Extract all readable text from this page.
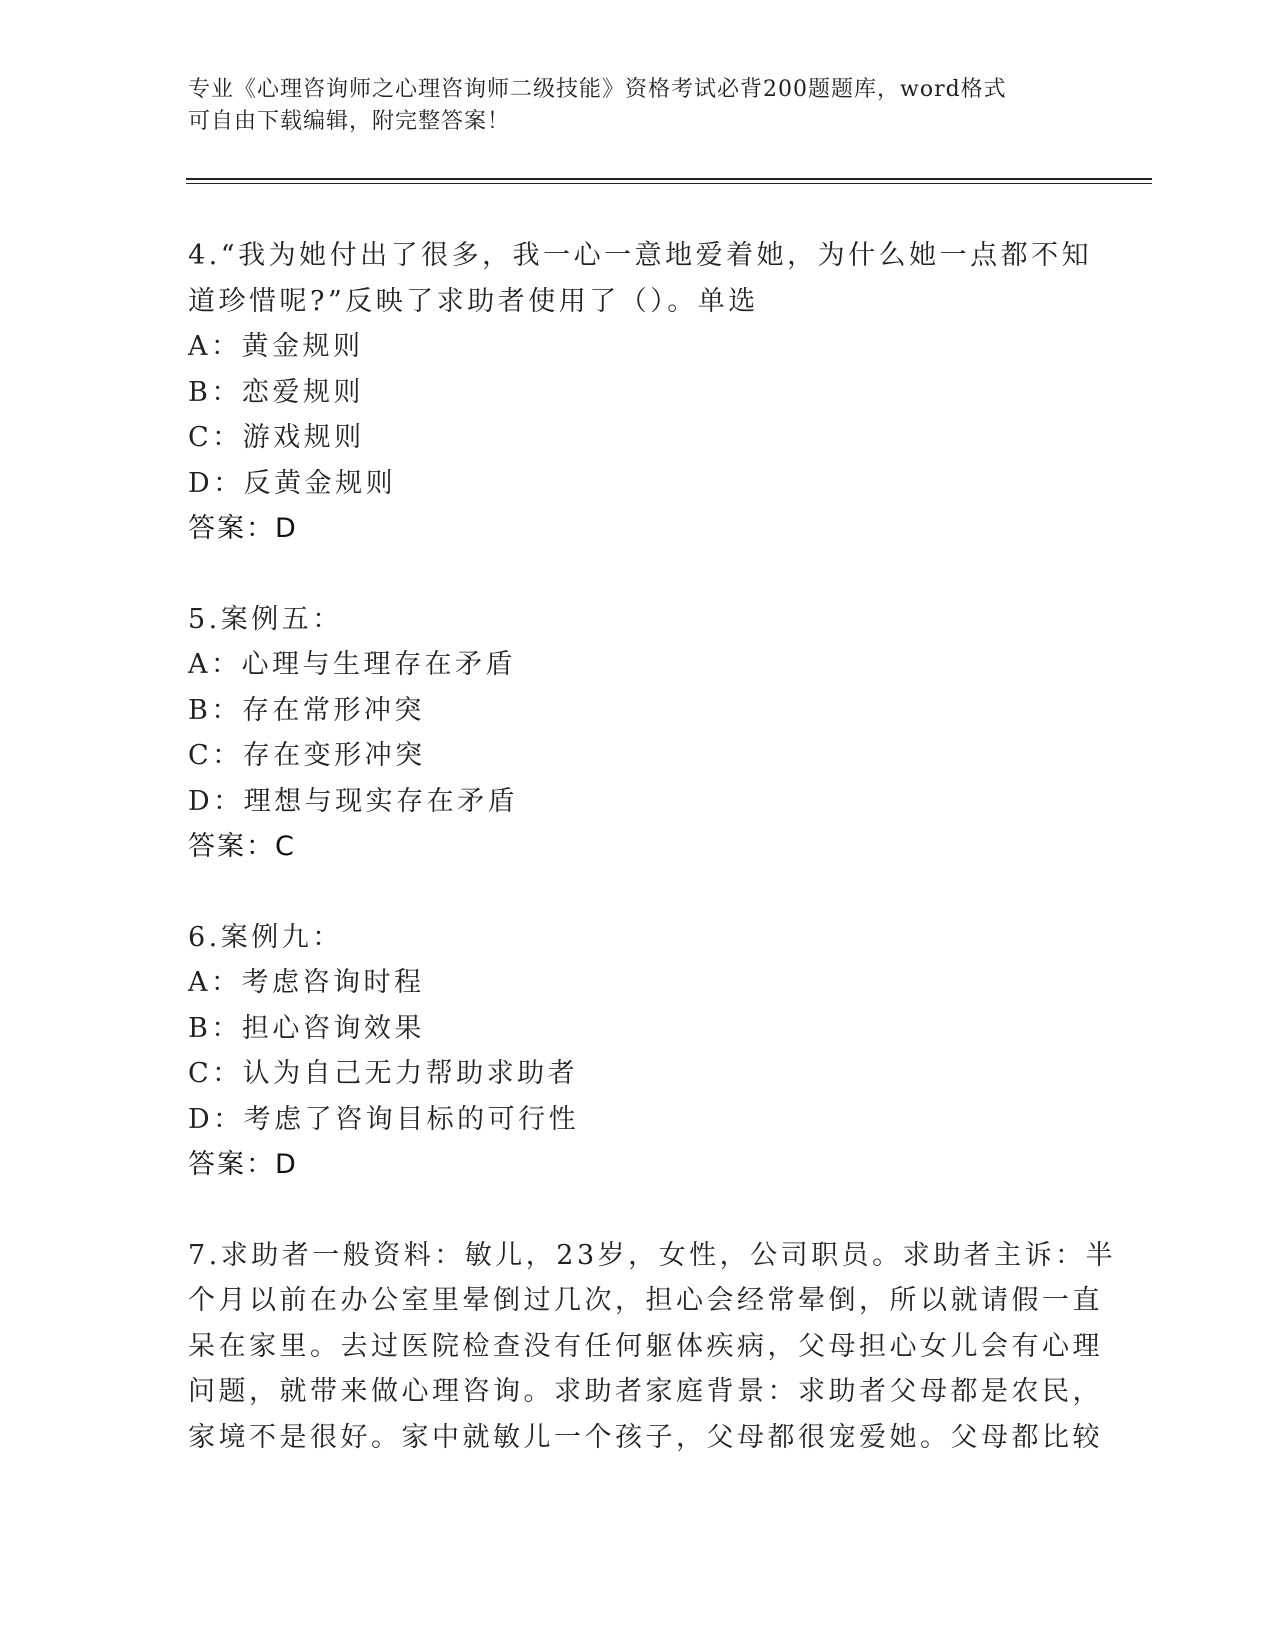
专业《心理咨询师之心理咨询师二级技能》资格考试必背200题题库，word格式
可自由下载编辑，附完整答案！
4.“我为她付出了很多，我一心一意地爱着她，为什么她一点都不知
道珍惜呢?”反映了求助者使用了（）。单选
A：黄金规则
B：恋爱规则
C：游戏规则
D：反黄金规则
答案：D
5.案例五：
A：心理与生理存在矛盾
B：存在常形冲突
C：存在变形冲突
D：理想与现实存在矛盾
答案：C
6.案例九：
A：考虑咨询时程
B：担心咨询效果
C：认为自己无力帮助求助者
D：考虑了咨询目标的可行性
答案：D
7.求助者一般资料：敏儿，23岁，女性，公司职员。求助者主诉：半
个月以前在办公室里晕倒过几次，担心会经常晕倒，所以就请假一直
呆在家里。去过医院检查没有任何躯体疾病，父母担心女儿会有心理
问题，就带来做心理咨询。求助者家庭背景：求助者父母都是农民，
家境不是很好。家中就敏儿一个孩子，父母都很宠爱她。父母都比较
